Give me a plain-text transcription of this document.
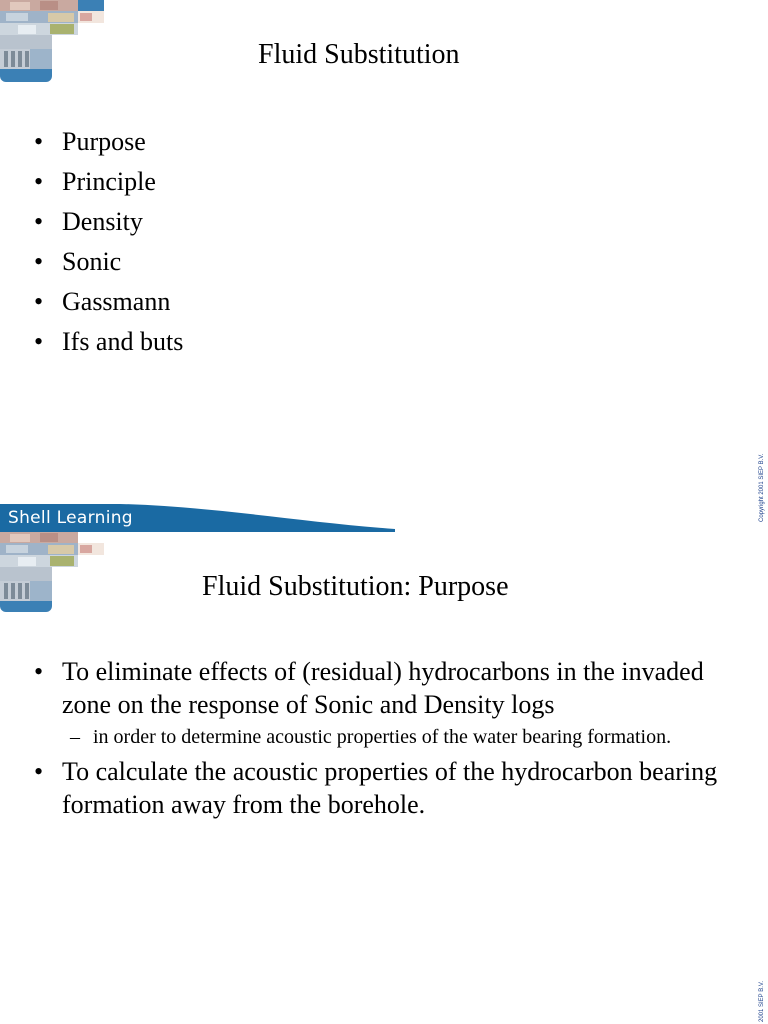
Fluid Substitution
• Purpose
• Principle
• Density
• Sonic
• Gassmann
• Ifs and buts
Copyright 2001 SIEP B.V.
Shell Learning
Fluid Substitution: Purpose
• To eliminate effects of (residual) hydrocarbons in the invaded zone on the response of Sonic and Density logs
– in order to determine acoustic properties of the water bearing formation.
• To calculate the acoustic properties of the hydrocarbon bearing formation away from the borehole.
2001 SIEP B.V.
